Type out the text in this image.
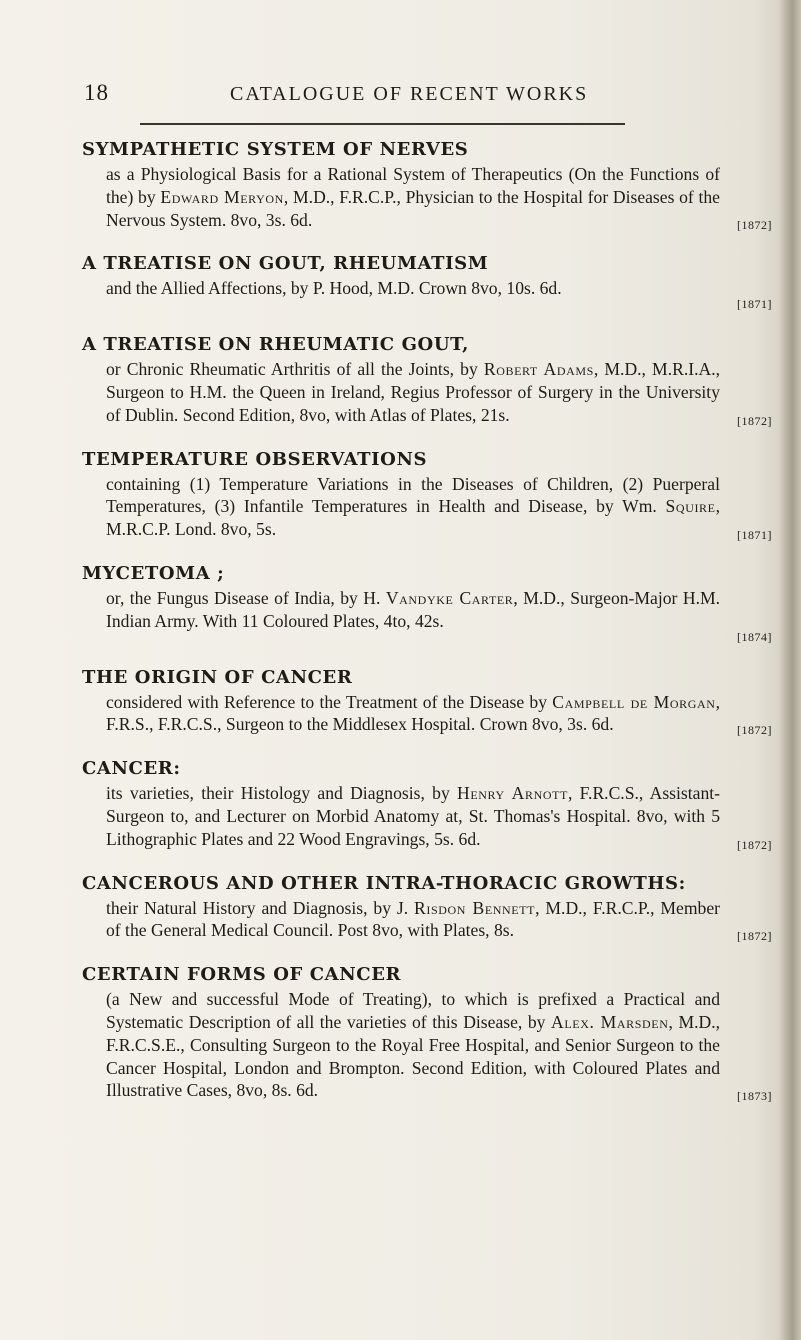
18	CATALOGUE OF RECENT WORKS
SYMPATHETIC SYSTEM OF NERVES
as a Physiological Basis for a Rational System of Therapeutics (On the Functions of the) by Edward Meryon, M.D., F.R.C.P., Physician to the Hospital for Diseases of the Nervous System. 8vo, 3s. 6d.	[1872]
A TREATISE ON GOUT, RHEUMATISM
and the Allied Affections, by P. Hood, M.D. Crown 8vo, 10s. 6d.
[1871]
A TREATISE ON RHEUMATIC GOUT,
or Chronic Rheumatic Arthritis of all the Joints, by Robert Adams, M.D., M.R.I.A., Surgeon to H.M. the Queen in Ireland, Regius Professor of Surgery in the University of Dublin. Second Edition, 8vo, with Atlas of Plates, 21s.	[1872]
TEMPERATURE OBSERVATIONS
containing (1) Temperature Variations in the Diseases of Children, (2) Puerperal Temperatures, (3) Infantile Temperatures in Health and Disease, by Wm. Squire, M.R.C.P. Lond. 8vo, 5s.	[1871]
MYCETOMA ;
or, the Fungus Disease of India, by H. Vandyke Carter, M.D., Surgeon-Major H.M. Indian Army. With 11 Coloured Plates, 4to, 42s.
[1874]
THE ORIGIN OF CANCER
considered with Reference to the Treatment of the Disease by Campbell de Morgan, F.R.S., F.R.C.S., Surgeon to the Middlesex Hospital. Crown 8vo, 3s. 6d.	[1872]
CANCER:
its varieties, their Histology and Diagnosis, by Henry Arnott, F.R.C.S., Assistant-Surgeon to, and Lecturer on Morbid Anatomy at, St. Thomas's Hospital. 8vo, with 5 Lithographic Plates and 22 Wood Engravings, 5s. 6d.	[1872]
CANCEROUS AND OTHER INTRA-THORACIC GROWTHS:
their Natural History and Diagnosis, by J. Risdon Bennett, M.D., F.R.C.P., Member of the General Medical Council. Post 8vo, with Plates, 8s.	[1872]
CERTAIN FORMS OF CANCER
(a New and successful Mode of Treating), to which is prefixed a Practical and Systematic Description of all the varieties of this Disease, by Alex. Marsden, M.D., F.R.C.S.E., Consulting Surgeon to the Royal Free Hospital, and Senior Surgeon to the Cancer Hospital, London and Brompton. Second Edition, with Coloured Plates and Illustrative Cases, 8vo, 8s. 6d.	[1873]
